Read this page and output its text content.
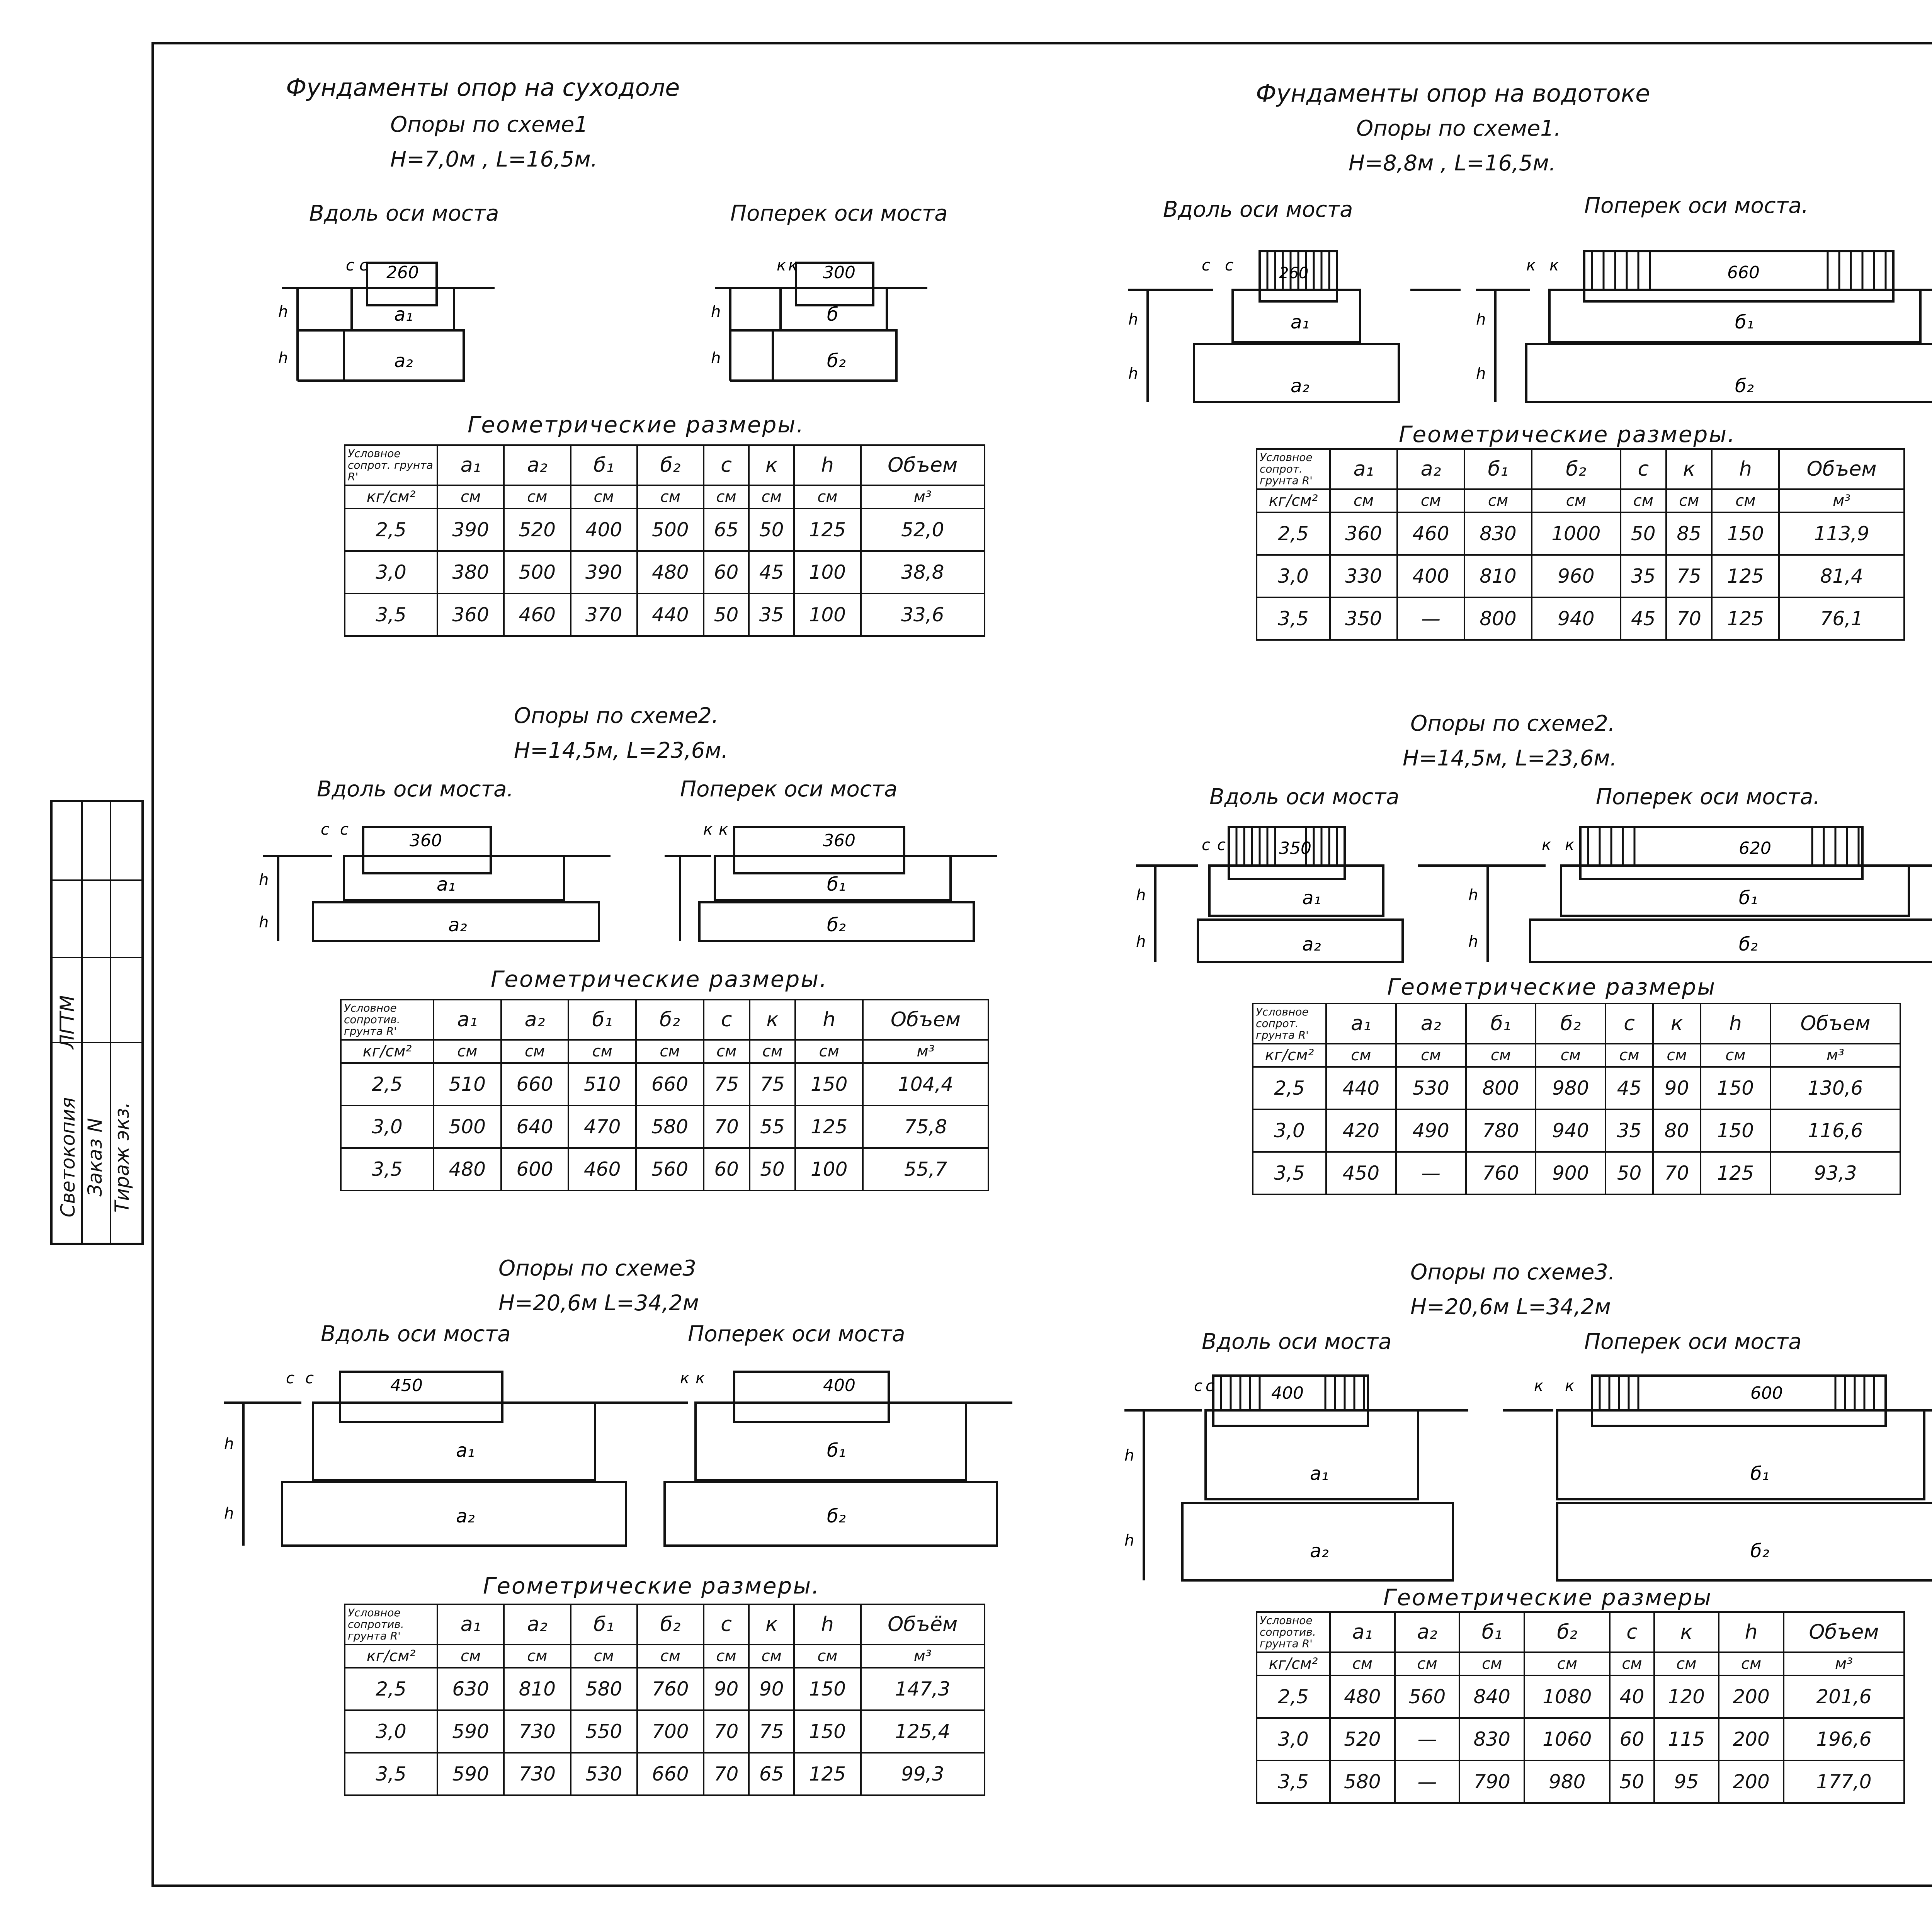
Светокопия Заказ N Тираж экз.
ЛГТМ
Фундаменты опор на суходоле
Опоры по схеме1
H=7,0м , L=16,5м.
Вдоль оси моста	Поперек оси моста
c c 260
a₁
a₂
h
h
к к 300
б
б₂
h
h
Геометрические размеры.
Условное сопрот. грунта R'	a₁	a₂	б₁	б₂	c	к	h	Объем
кг/см²	см	см	см	см	см	см	см	м³
2,5	390	520	400	500	65	50	125	52,0
3,0	380	500	390	480	60	45	100	38,8
3,5	360	460	370	440	50	35	100	33,6
Опоры по схеме2.
H=14,5м, L=23,6м.
Вдоль оси моста.	Поперек оси моста
c c
360
a₁
a₂
h
h
к к
360
б₁
б₂
Геометрические размеры.
Условное сопротив. грунта R'	a₁	a₂	б₁	б₂	c	к	h	Объем
кг/см²	см	см	см	см	см	см	см	м³
2,5	510	660	510	660	75	75	150	104,4
3,0	500	640	470	580	70	55	125	75,8
3,5	480	600	460	560	60	50	100	55,7
Опоры по схеме3
H=20,6м L=34,2м
Вдоль оси моста	Поперек оси моста
c c	450
a₁
a₂
h
h
к к	400
б₁
б₂
Геометрические размеры.
Условное сопротив. грунта R'	a₁	a₂	б₁	б₂	c	к	h	Объём
кг/см²	см	см	см	см	см	см	см	м³
2,5	630	810	580	760	90	90	150	147,3
3,0	590	730	550	700	70	75	150	125,4
3,5	590	730	530	660	70	65	125	99,3
Фундаменты опор на водотоке
Опоры по схеме1.
H=8,8м , L=16,5м.
Вдоль оси моста	Поперек оси моста.
c c	260
a₁
a₂
h
h
к к	660
б₁
б₂
h
h
Геометрические размеры.
Условное сопрот. грунта R'	a₁	a₂	б₁	б₂	c	к	h	Объем
кг/см²	см	см	см	см	см	см	см	м³
2,5	360	460	830	1000	50	85	150	113,9
3,0	330	400	810	960	35	75	125	81,4
3,5	350	—	800	940	45	70	125	76,1
Опоры по схеме2.
H=14,5м, L=23,6м.
Вдоль оси моста	Поперек оси моста.
c c	350
a₁
a₂
h
h
к к	620
б₁
б₂
h
h
Геометрические размеры
Условное сопрот. грунта R'	a₁	a₂	б₁	б₂	c	к	h	Объем
кг/см²	см	см	см	см	см	см	см	м³
2,5	440	530	800	980	45	90	150	130,6
3,0	420	490	780	940	35	80	150	116,6
3,5	450	—	760	900	50	70	125	93,3
Опоры по схеме3.
H=20,6м L=34,2м
Вдоль оси моста	Поперек оси моста
c c	400
a₁
a₂
h
h
к к	600
б₁
б₂
Геометрические размеры
Условное сопротив. грунта R'	a₁	a₂	б₁	б₂	c	к	h	Объем
кг/см²	см	см	см	см	см	см	см	м³
2,5	480	560	840	1080	40	120	200	201,6
3,0	520	—	830	1060	60	115	200	196,6
3,5	580	—	790	980	50	95	200	177,0
